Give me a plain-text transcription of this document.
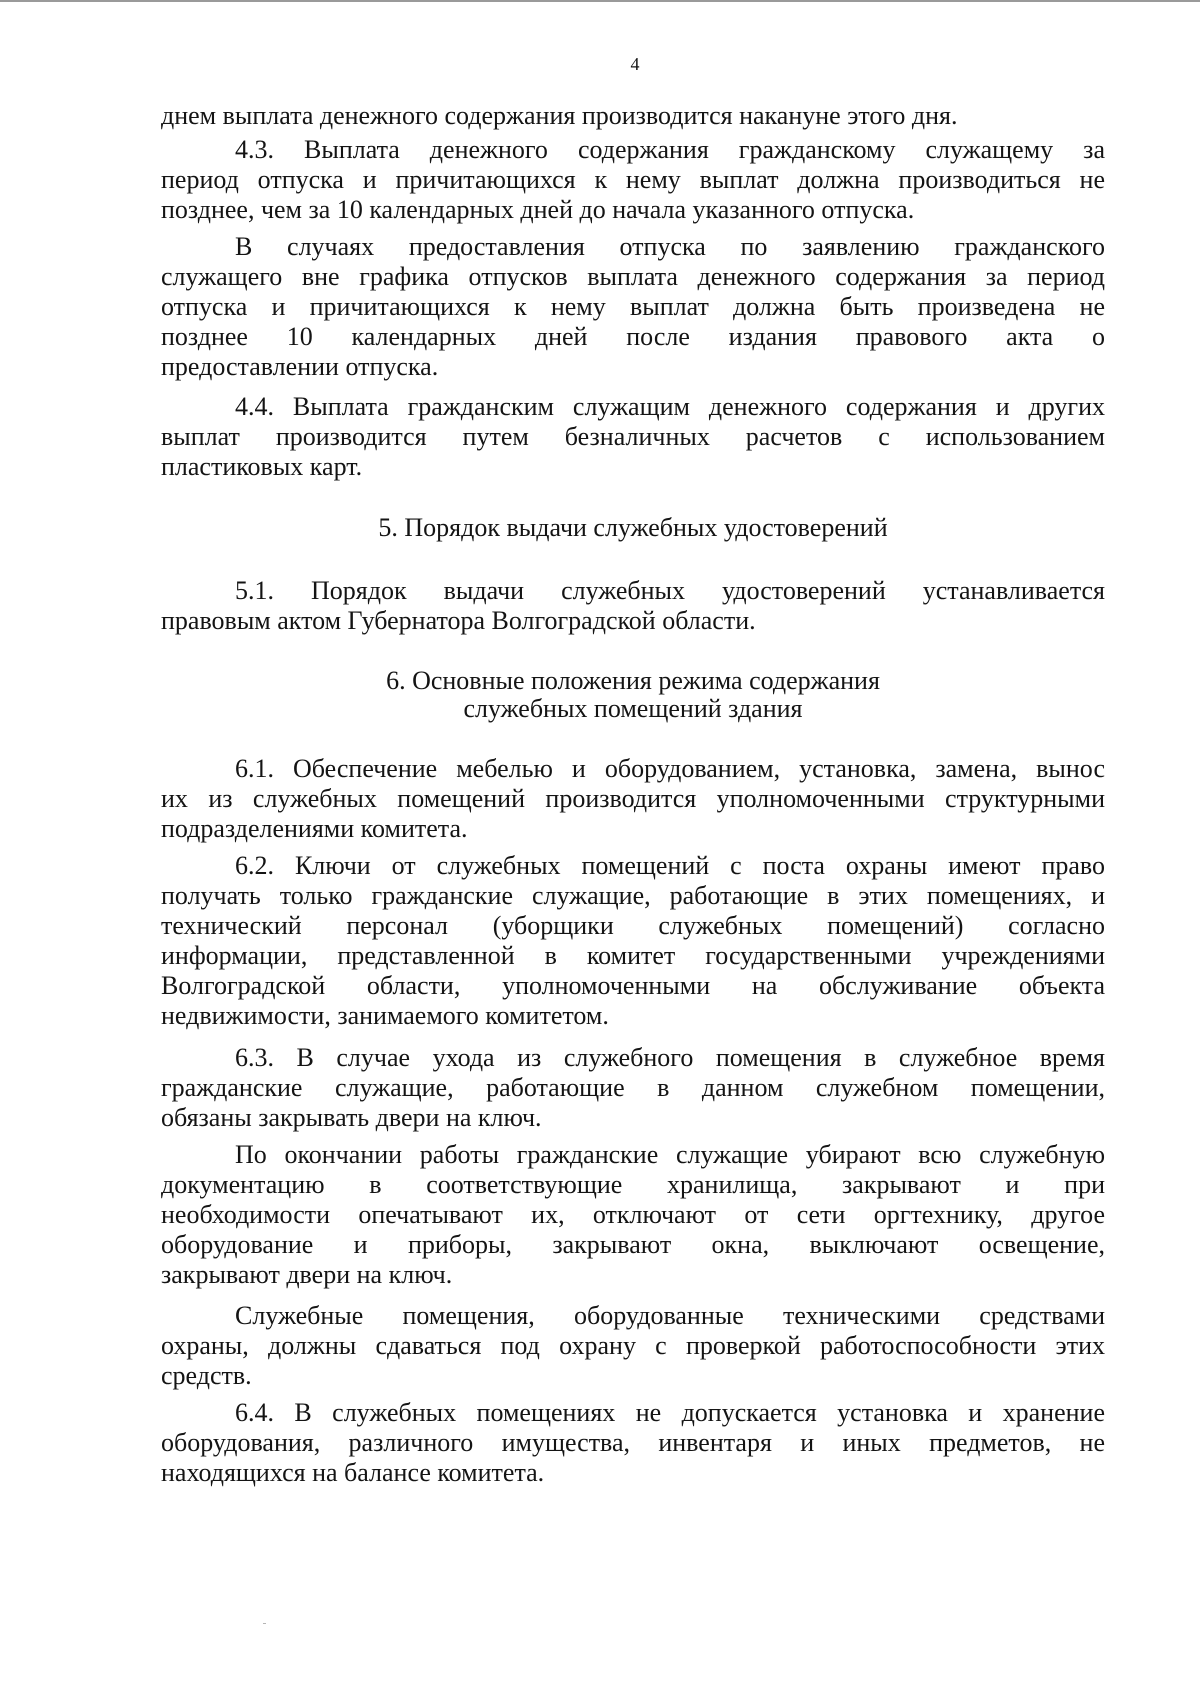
4
днем выплата денежного содержания производится накануне этого дня.
4.3. Выплата денежного содержания гражданскому служащему за
период отпуска и причитающихся к нему выплат должна производиться не
позднее, чем за 10 календарных дней до начала указанного отпуска.
В случаях предоставления отпуска по заявлению гражданского
служащего вне графика отпусков выплата денежного содержания за период
отпуска и причитающихся к нему выплат должна быть произведена не
позднее 10 календарных дней после издания правового акта о
предоставлении отпуска.
4.4. Выплата гражданским служащим денежного содержания и других
выплат производится путем безналичных расчетов с использованием
пластиковых карт.
5. Порядок выдачи служебных удостоверений
5.1. Порядок выдачи служебных удостоверений устанавливается
правовым актом Губернатора Волгоградской области.
6. Основные положения режима содержания
служебных помещений здания
6.1. Обеспечение мебелью и оборудованием, установка, замена, вынос
их из служебных помещений производится уполномоченными структурными
подразделениями комитета.
6.2. Ключи от служебных помещений с поста охраны имеют право
получать только гражданские служащие, работающие в этих помещениях, и
технический персонал (уборщики служебных помещений) согласно
информации, представленной в комитет государственными учреждениями
Волгоградской области, уполномоченными на обслуживание объекта
недвижимости, занимаемого комитетом.
6.3. В случае ухода из служебного помещения в служебное время
гражданские служащие, работающие в данном служебном помещении,
обязаны закрывать двери на ключ.
По окончании работы гражданские служащие убирают всю служебную
документацию в соответствующие хранилища, закрывают и при
необходимости опечатывают их, отключают от сети оргтехнику, другое
оборудование и приборы, закрывают окна, выключают освещение,
закрывают двери на ключ.
Служебные помещения, оборудованные техническими средствами
охраны, должны сдаваться под охрану с проверкой работоспособности этих
средств.
6.4. В служебных помещениях не допускается установка и хранение
оборудования, различного имущества, инвентаря и иных предметов, не
находящихся на балансе комитета.
